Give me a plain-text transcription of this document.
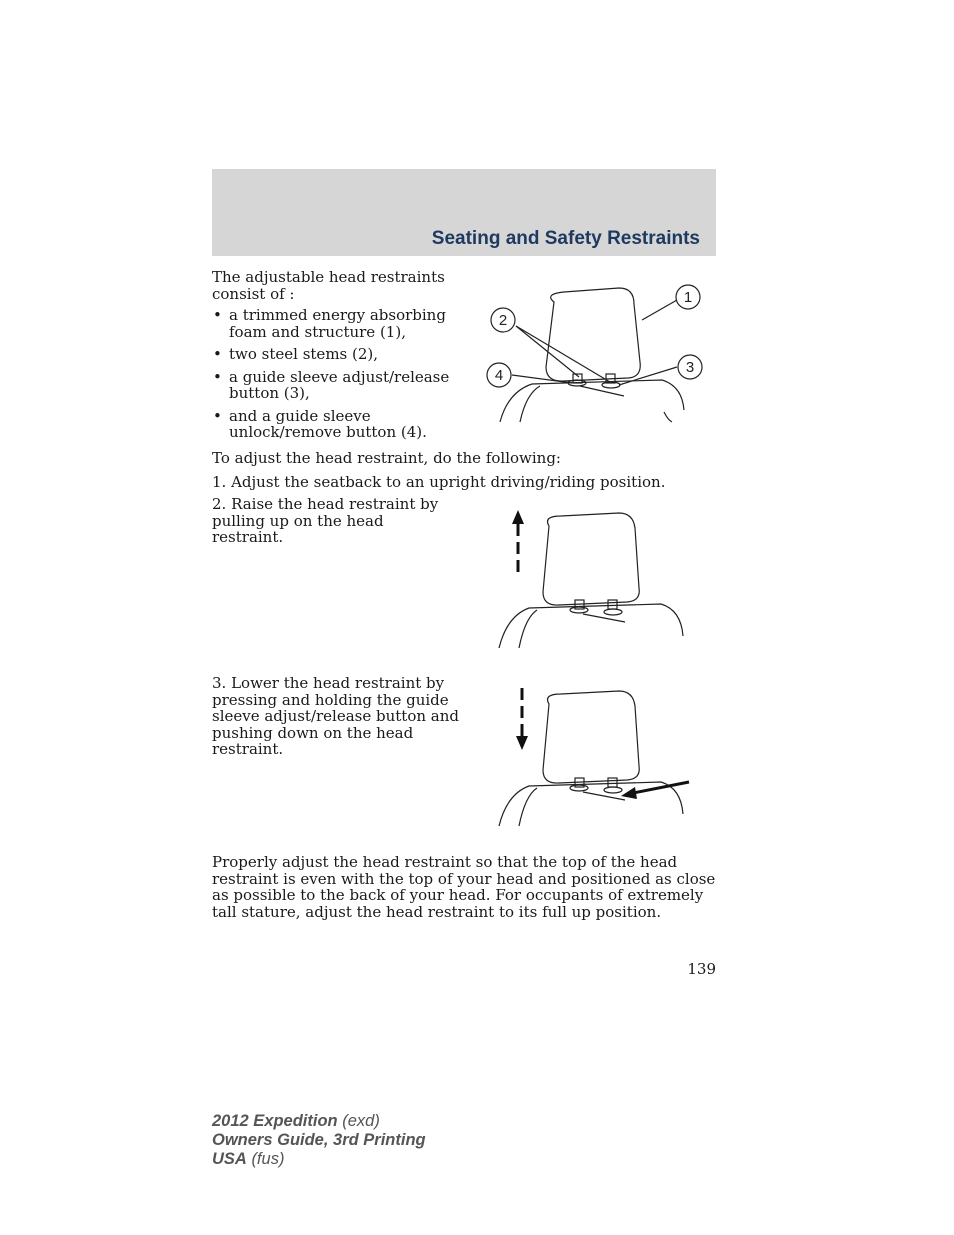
Seating and Safety Restraints

The adjustable head restraints consist of :

• a trimmed energy absorbing foam and structure (1),
• two steel stems (2),
• a guide sleeve adjust/release button (3),
• and a guide sleeve unlock/remove button (4).
1
2
3
4

To adjust the head restraint, do the following:

1. Adjust the seatback to an upright driving/riding position.

2. Raise the head restraint by pulling up on the head restraint.

3. Lower the head restraint by pressing and holding the guide sleeve adjust/release button and pushing down on the head restraint.

Properly adjust the head restraint so that the top of the head restraint is even with the top of your head and positioned as close as possible to the back of your head. For occupants of extremely tall stature, adjust the head restraint to its full up position.

139

2012 Expedition (exd)
Owners Guide, 3rd Printing
USA (fus)
